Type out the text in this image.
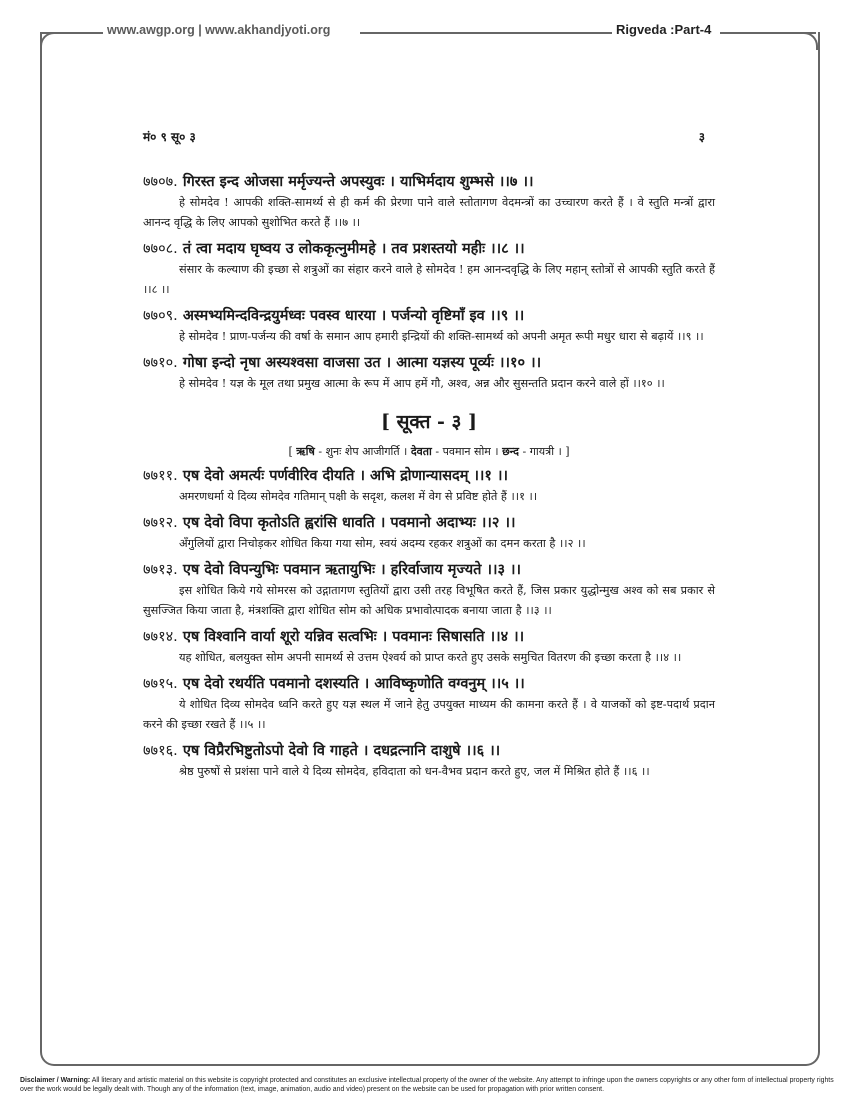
www.awgp.org | www.akhandjyoti.org	Rigveda :Part-4
मं० ९ सू० ३	३
७७०७. गिरस्त इन्द ओजसा मर्मृज्यन्ते अपस्युवः । याभिर्मदाय शुम्भसे ।।७ ।।

हे सोमदेव ! आपकी शक्ति-सामर्थ्य से ही कर्म की प्रेरणा पाने वाले स्तोतागण वेदमन्त्रों का उच्चारण करते हैं । वे स्तुति मन्त्रों द्वारा आनन्द वृद्धि के लिए आपको सुशोभित करते हैं ।।७ ।।

७७०८. तं त्वा मदाय घृष्वय उ लोककृत्नुमीमहे । तव प्रशस्तयो महीः ।।८ ।।

संसार के कल्याण की इच्छा से शत्रुओं का संहार करने वाले हे सोमदेव ! हम आनन्दवृद्धि के लिए महान् स्तोत्रों से आपकी स्तुति करते हैं ।।८ ।।

७७०९. अस्मभ्यमिन्दविन्द्रयुर्मध्वः पवस्व धारया । पर्जन्यो वृष्टिमाँ इव ।।९ ।।

हे सोमदेव ! प्राण-पर्जन्य की वर्षा के समान आप हमारी इन्द्रियों की शक्ति-सामर्थ्य को अपनी अमृत रूपी मधुर धारा से बढ़ायें ।।९ ।।

७७१०. गोषा इन्दो नृषा अस्यश्वसा वाजसा उत । आत्मा यज्ञस्य पूर्व्यः ।।१० ।।

हे सोमदेव ! यज्ञ के मूल तथा प्रमुख आत्मा के रूप में आप हमें गौ, अश्व, अन्न और सुसन्तति प्रदान करने वाले हों ।।१० ।।

[ सूक्त - ३ ]
[ ऋषि - शुनः शेप आजीगर्ति । देवता - पवमान सोम । छन्द - गायत्री । ]
७७११. एष देवो अमर्त्यः पर्णवीरिव दीयति । अभि द्रोणान्यासदम् ।।१ ।।

अमरणधर्मा ये दिव्य सोमदेव गतिमान् पक्षी के सदृश, कलश में वेग से प्रविष्ट होते हैं ।।१ ।।

७७१२. एष देवो विपा कृतोऽति ह्वरांसि धावति । पवमानो अदाभ्यः ।।२ ।।

अँगुलियों द्वारा निचोड़कर शोधित किया गया सोम, स्वयं अदम्य रहकर शत्रुओं का दमन करता है ।।२ ।।

७७१३. एष देवो विपन्युभिः पवमान ऋतायुभिः । हरिर्वाजाय मृज्यते ।।३ ।।

इस शोधित किये गये सोमरस को उद्गातागण स्तुतियों द्वारा उसी तरह विभूषित करते हैं, जिस प्रकार युद्धोन्मुख अश्व को सब प्रकार से सुसज्जित किया जाता है, मंत्रशक्ति द्वारा शोधित सोम को अधिक प्रभावोत्पादक बनाया जाता है ।।३ ।।

७७१४. एष विश्वानि वार्या शूरो यन्निव सत्वभिः । पवमानः सिषासति ।।४ ।।

यह शोधित, बलयुक्त सोम अपनी सामर्थ्य से उत्तम ऐश्वर्य को प्राप्त करते हुए उसके समुचित वितरण की इच्छा करता है ।।४ ।।

७७१५. एष देवो रथर्यति पवमानो दशस्यति । आविष्कृणोति वग्वनुम् ।।५ ।।

ये शोधित दिव्य सोमदेव ध्वनि करते हुए यज्ञ स्थल में जाने हेतु उपयुक्त माध्यम की कामना करते हैं । वे याजकों को इष्ट-पदार्थ प्रदान करने की इच्छा रखते हैं ।।५ ।।

७७१६. एष विप्रैरभिष्टुतोऽपो देवो वि गाहते । दधद्रत्नानि दाशुषे ।।६ ।।

श्रेष्ठ पुरुषों से प्रशंसा पाने वाले ये दिव्य सोमदेव, हविदाता को धन-वैभव प्रदान करते हुए, जल में मिश्रित होते हैं ।।६ ।।

Disclaimer / Warning: All literary and artistic material on this website is copyright protected and constitutes an exclusive intellectual property of the owner of the website. Any attempt to infringe upon the owners copyrights or any other form of intellectual property rights over the work would be legally dealt with. Though any of the information (text, image, animation, audio and video) present on the website can be used for propagation with prior written consent.
